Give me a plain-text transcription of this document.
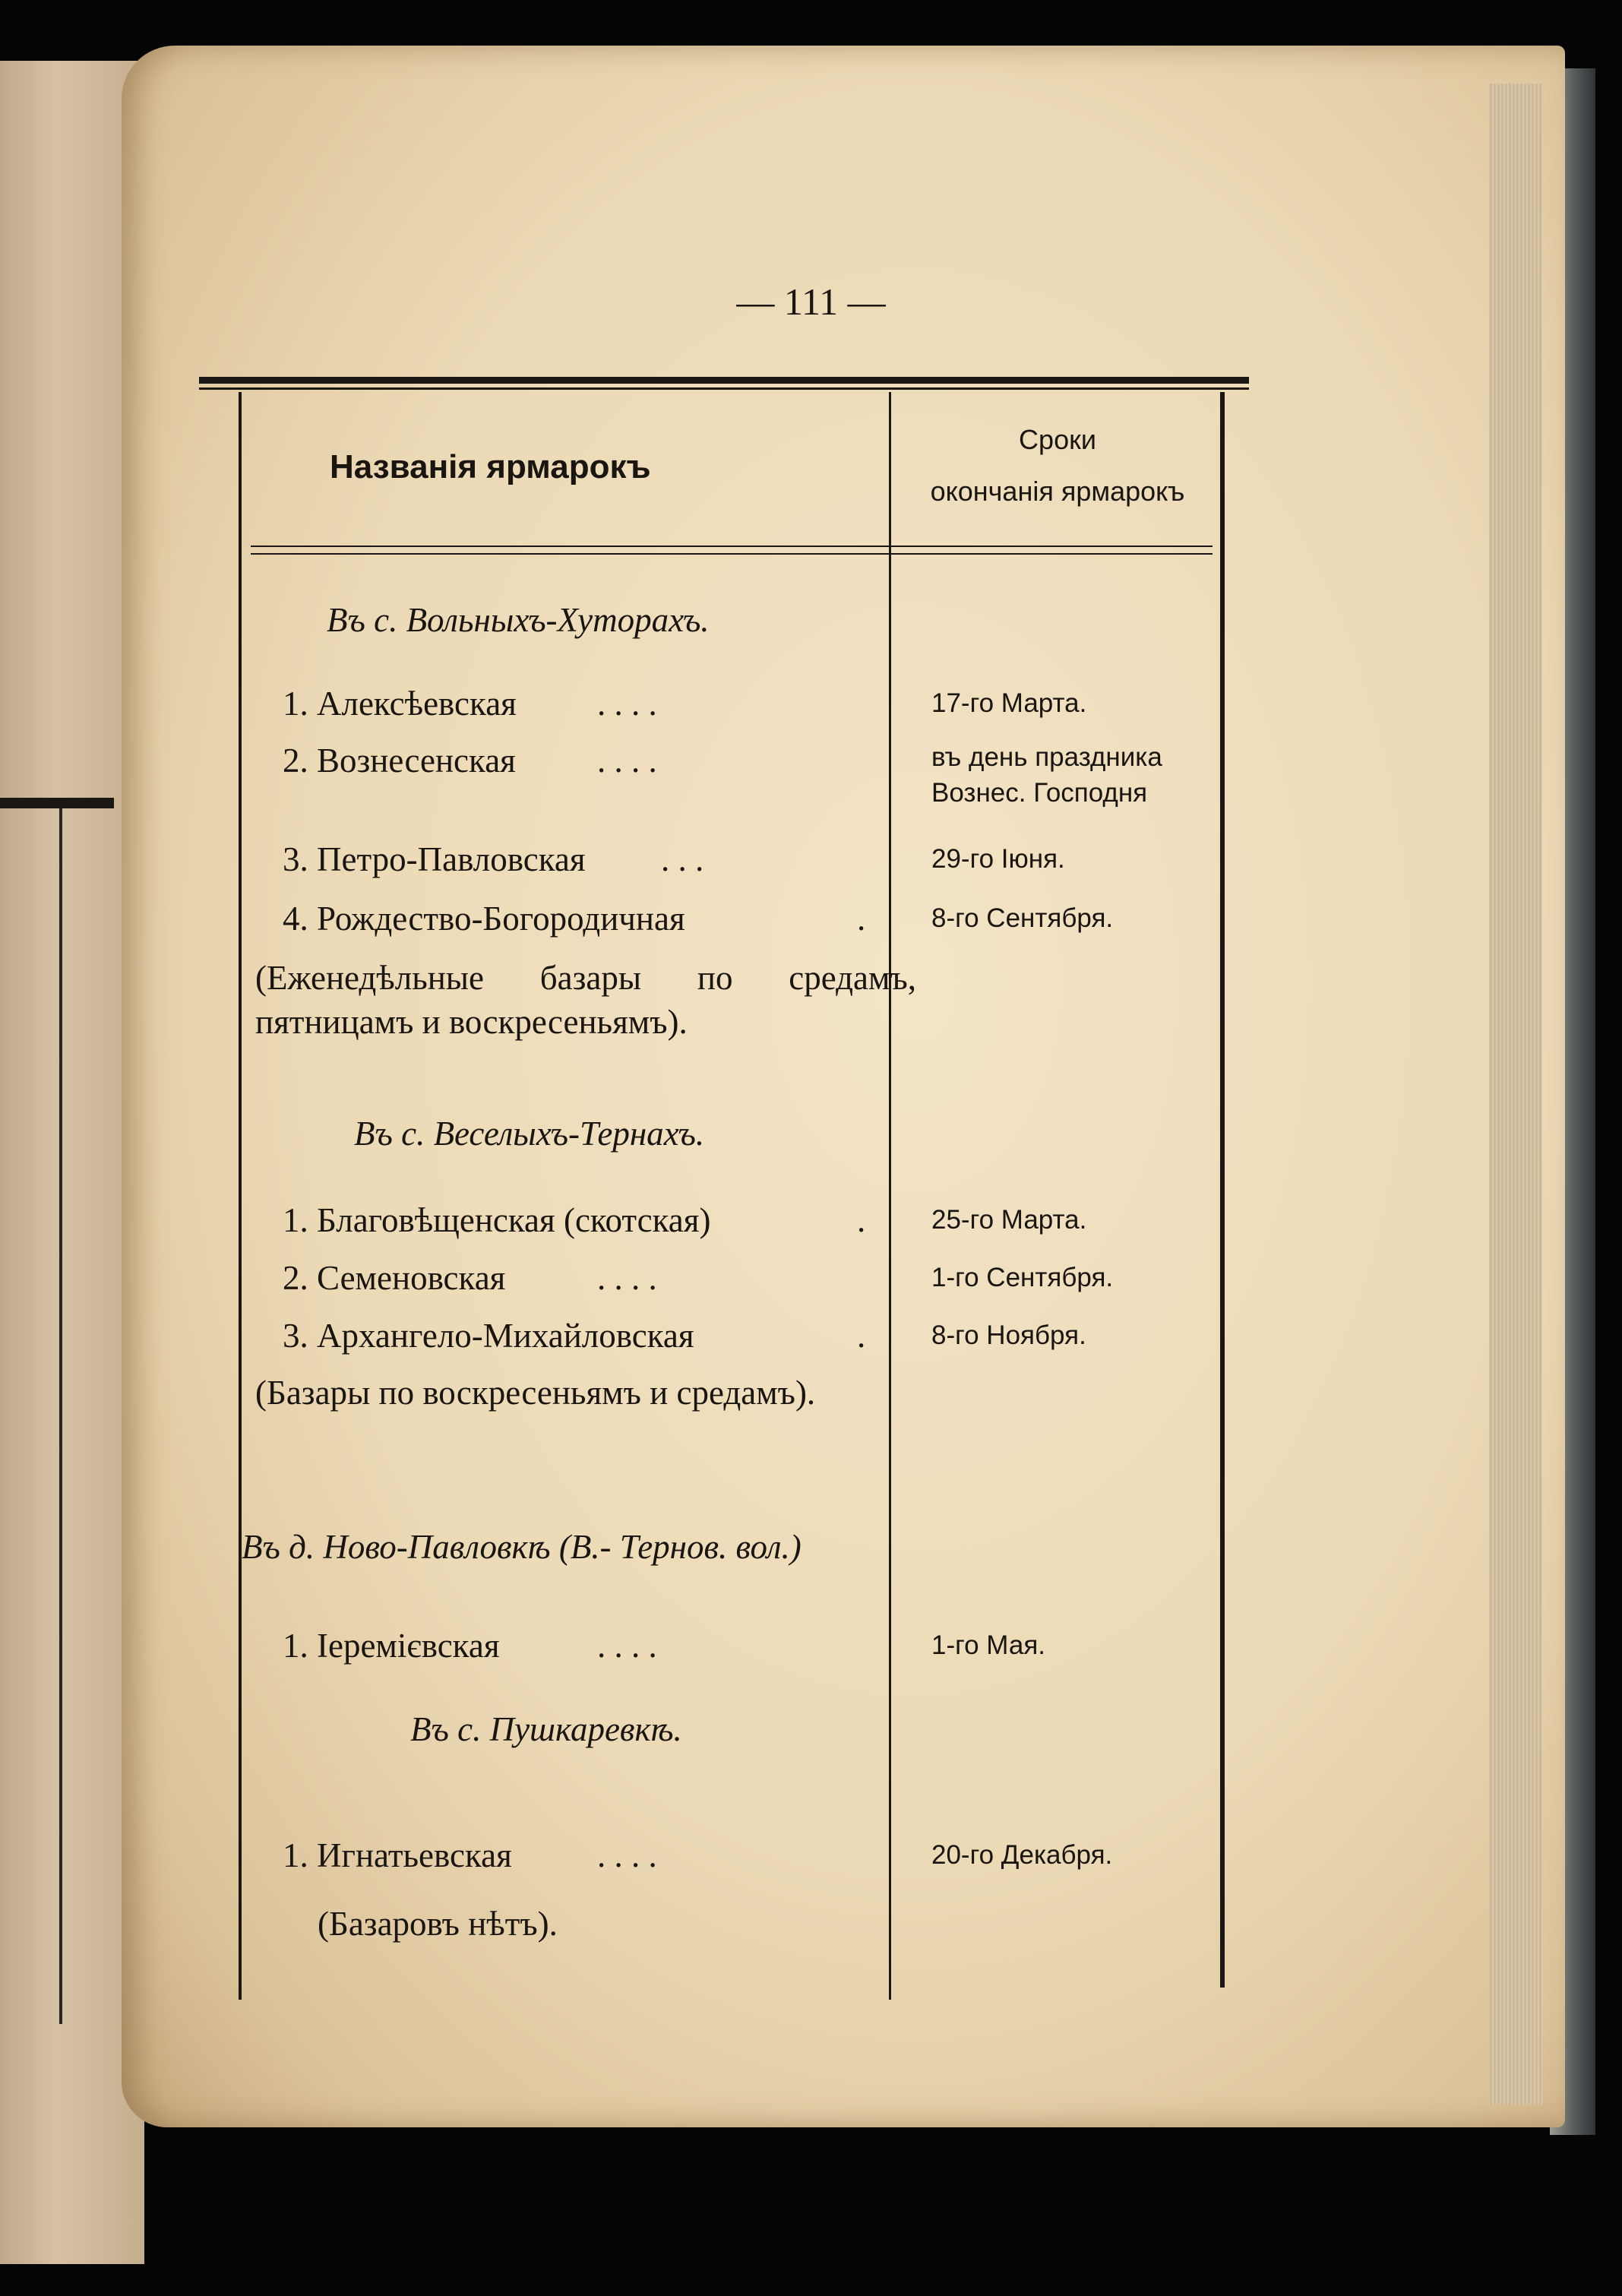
— 111 —
Названія ярмарокъ
Сроки
окончанія ярмарокъ
Въ с. Вольныхъ-Хуторахъ.
1. Алексѣевская . . . .	17-го Марта.
2. Вознесенская . . . .	въ день праздника
Вознес. Господня
3. Петро-Павловская . . .	29-го Іюня.
4. Рождество-Богородичная	. 8-го Сентября.
(Еженедѣльные базары по средамъ, пятницамъ и воскресеньямъ).
Въ с. Веселыхъ-Тернахъ.
1. Благовѣщенская (скотская)	. 25-го Марта.
2. Семеновская	. . . .	1-го Сентября.
3. Архангело-Михайловская	. 8-го Ноября.
(Базары по воскресеньямъ и средамъ).
Въ д. Ново-Павловкѣ (В.- Тернов. вол.)
1. Іеремієвская	. . . .	1-го Мая.
Въ с. Пушкаревкѣ.
1. Игнатьевская . . . .	20-го Декабря.
(Базаровъ нѣтъ).
